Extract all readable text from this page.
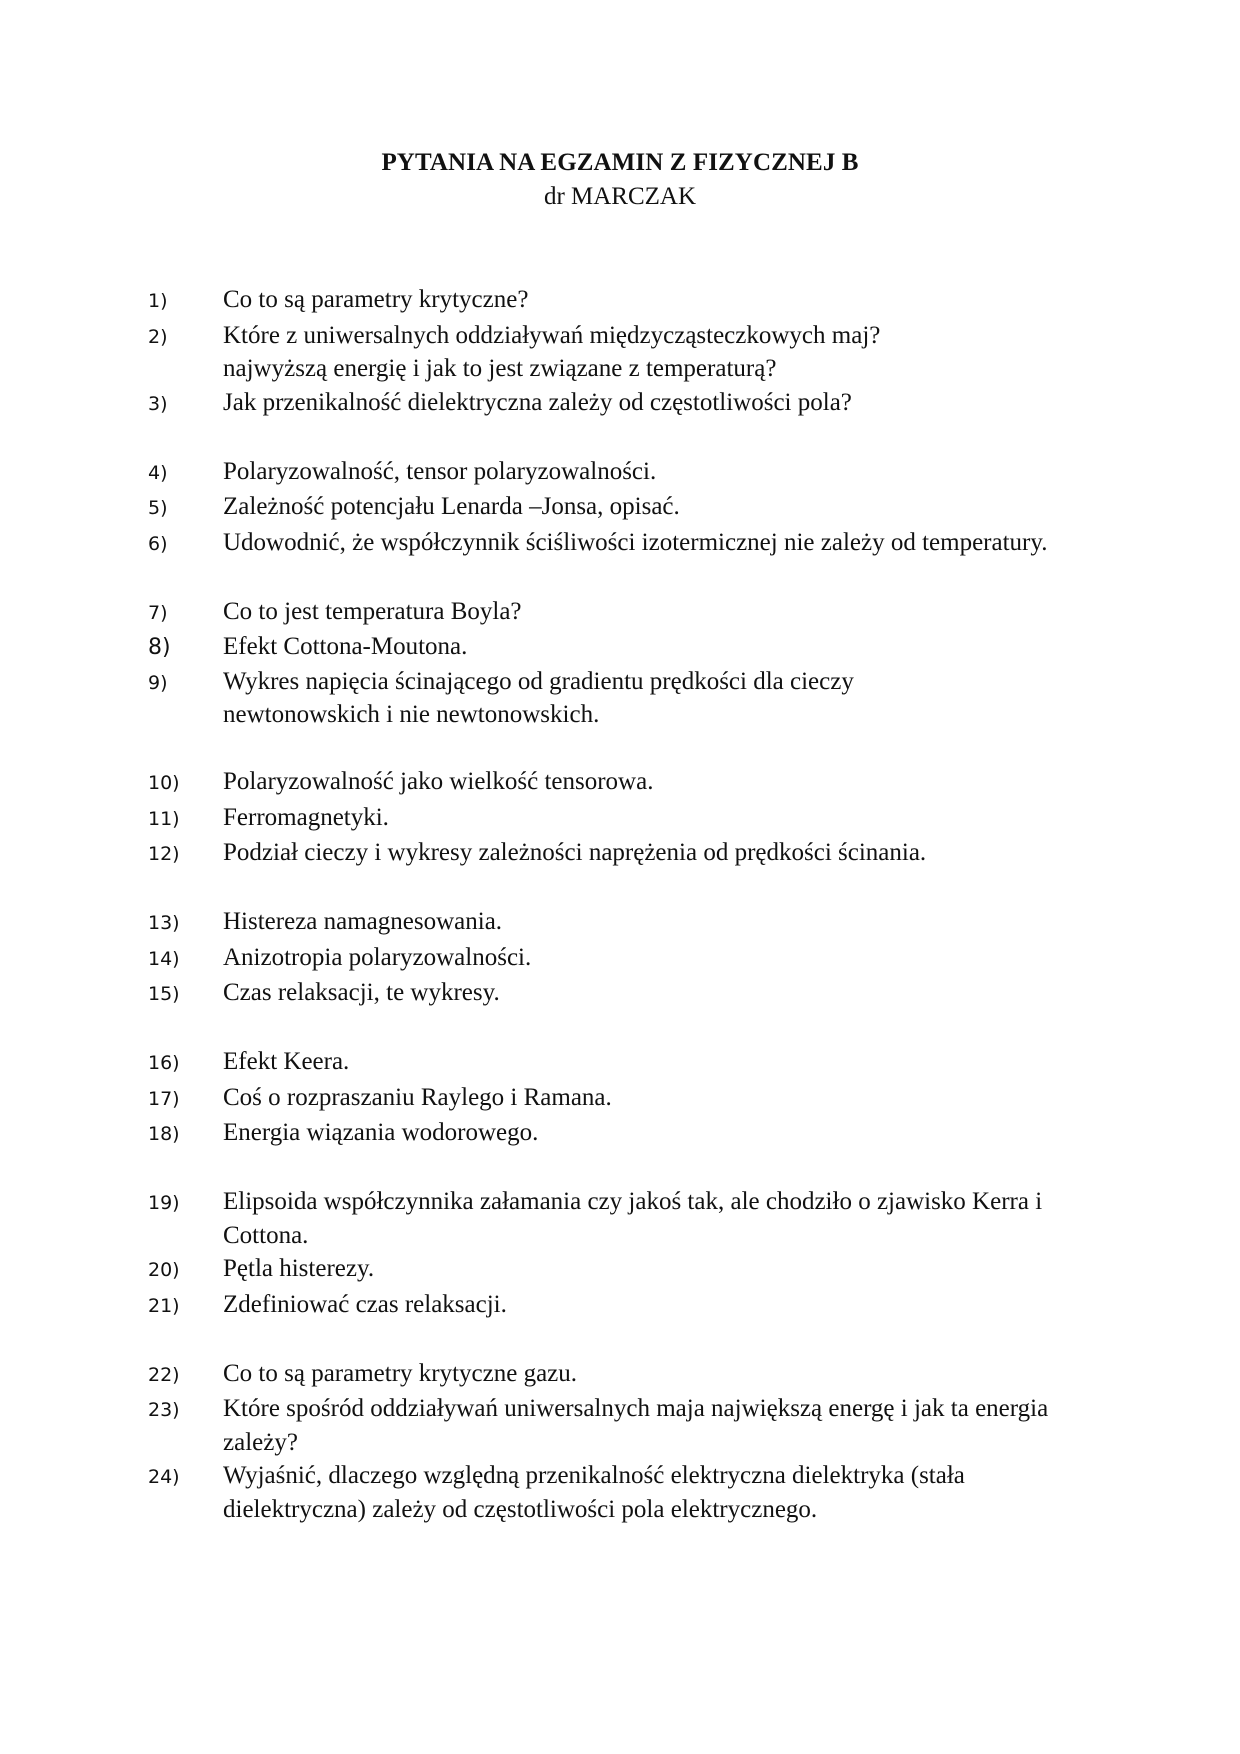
PYTANIA NA EGZAMIN Z FIZYCZNEJ B
dr MARCZAK
1)	Co to są parametry krytyczne?
2)	Które z uniwersalnych oddziaływań międzycząsteczkowych maj? najwyższą energię i jak to jest związane z temperaturą?
3)	Jak przenikalność dielektryczna zależy od częstotliwości pola?
4)	Polaryzowalność, tensor polaryzowalności.
5)	Zależność potencjału Lenarda –Jonsa, opisać.
6)	Udowodnić, że współczynnik ściśliwości izotermicznej nie zależy od temperatury.
7)	Co to jest temperatura Boyla?
8)	Efekt Cottona-Moutona.
9)	Wykres napięcia ścinającego od gradientu prędkości dla cieczy newtonowskich i nie newtonowskich.
10)	Polaryzowalność jako wielkość tensorowa.
11)	Ferromagnetyki.
12)	Podział cieczy i wykresy zależności naprężenia od prędkości ścinania.
13)	Histereza namagnesowania.
14)	Anizotropia polaryzowalności.
15)	Czas relaksacji, te wykresy.
16)	Efekt Keera.
17)	Coś o rozpraszaniu Raylego i Ramana.
18)	Energia wiązania wodorowego.
19)	Elipsoida współczynnika załamania czy jakoś tak, ale chodziło o zjawisko Kerra i Cottona.
20)	Pętla histerezy.
21)	Zdefiniować czas relaksacji.
22)	Co to są parametry krytyczne gazu.
23)	Które spośród oddziaływań uniwersalnych maja największą energę i jak ta energia zależy?
24)	Wyjaśnić, dlaczego względną przenikalność elektryczna dielektryka (stała dielektryczna) zależy od częstotliwości pola elektrycznego.
